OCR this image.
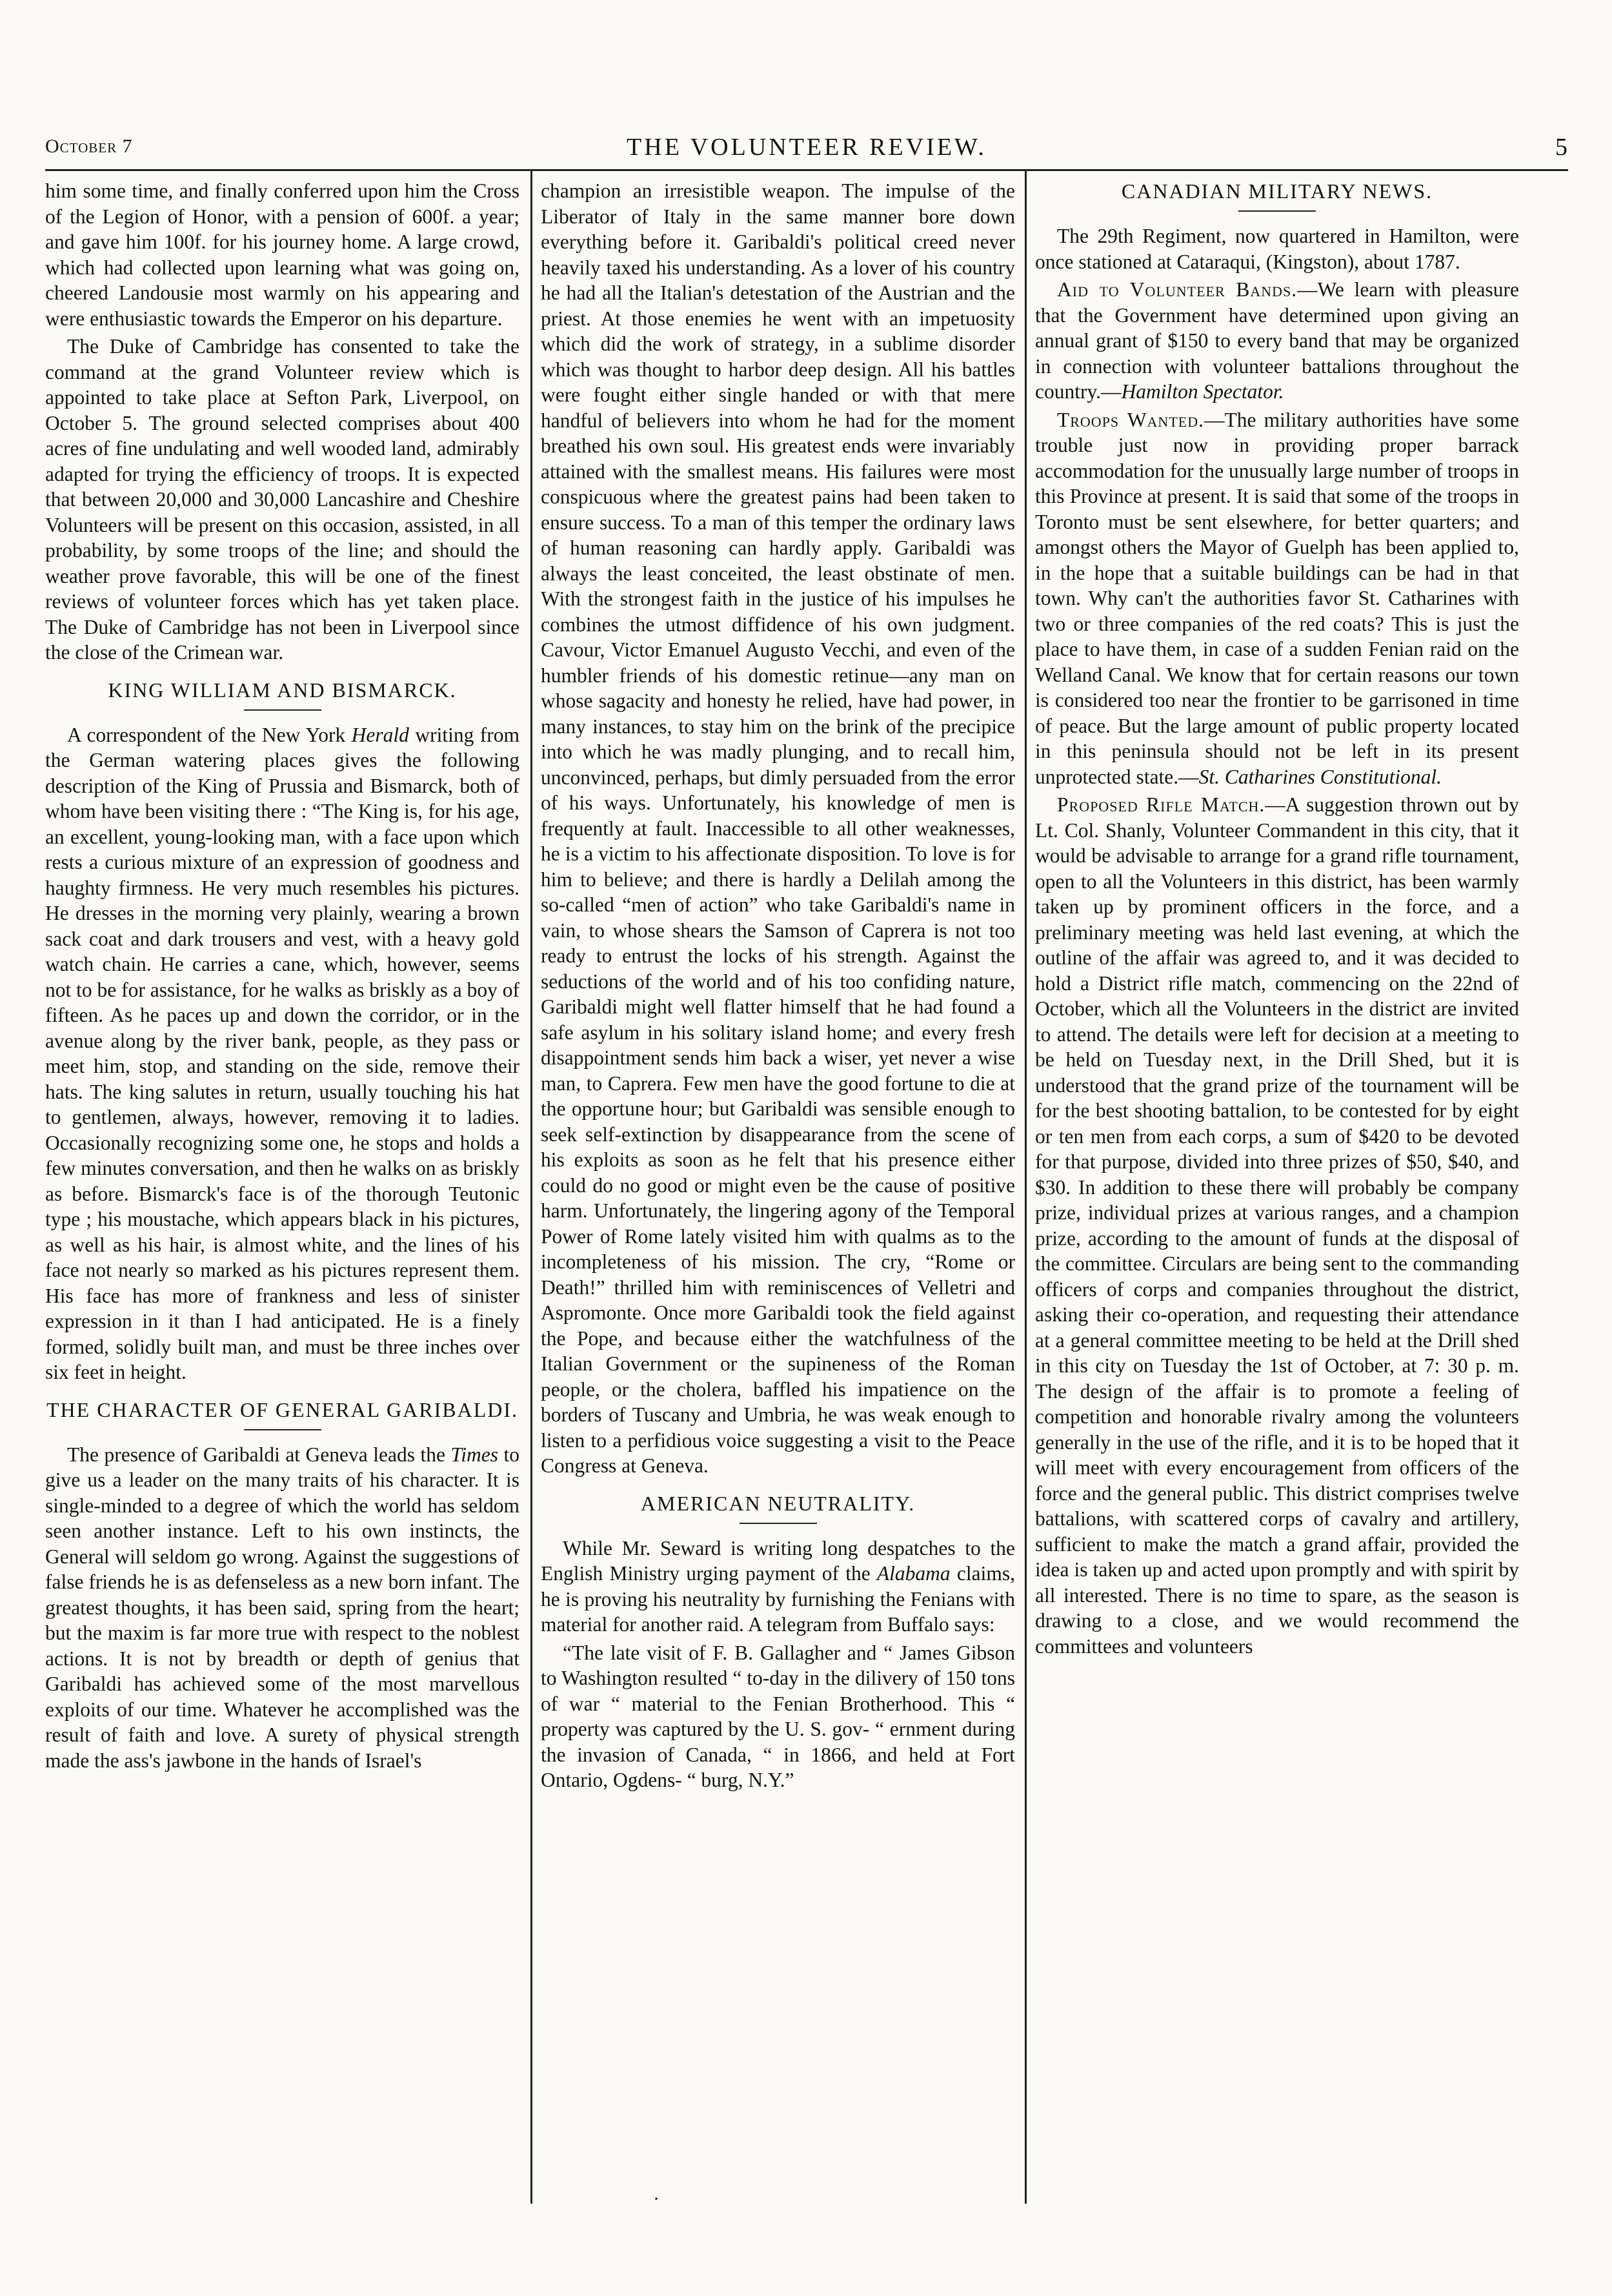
October 7	THE VOLUNTEER REVIEW.	5

him some time, and finally conferred upon him the Cross of the Legion of Honor, with a pension of 600f. a year; and gave him 100f. for his journey home. A large crowd, which had collected upon learning what was going on, cheered Landousie most warmly on his appearing and were enthusiastic towards the Emperor on his departure.

The Duke of Cambridge has consented to take the command at the grand Volunteer review which is appointed to take place at Sefton Park, Liverpool, on October 5. The ground selected comprises about 400 acres of fine undulating and well wooded land, admirably adapted for trying the efficiency of troops. It is expected that between 20,000 and 30,000 Lancashire and Cheshire Volunteers will be present on this occasion, assisted, in all probability, by some troops of the line; and should the weather prove favorable, this will be one of the finest reviews of volunteer forces which has yet taken place. The Duke of Cambridge has not been in Liverpool since the close of the Crimean war.

KING WILLIAM AND BISMARCK.

A correspondent of the New York Herald writing from the German watering places gives the following description of the King of Prussia and Bismarck, both of whom have been visiting there : “The King is, for his age, an excellent, young-looking man, with a face upon which rests a curious mixture of an expression of goodness and haughty firmness. He very much resembles his pictures. He dresses in the morning very plainly, wearing a brown sack coat and dark trousers and vest, with a heavy gold watch chain. He carries a cane, which, however, seems not to be for assistance, for he walks as briskly as a boy of fifteen. As he paces up and down the corridor, or in the avenue along by the river bank, people, as they pass or meet him, stop, and standing on the side, remove their hats. The king salutes in return, usually touching his hat to gentlemen, always, however, removing it to ladies. Occasionally recognizing some one, he stops and holds a few minutes conversation, and then he walks on as briskly as before. Bismarck's face is of the thorough Teutonic type ; his moustache, which appears black in his pictures, as well as his hair, is almost white, and the lines of his face not nearly so marked as his pictures represent them. His face has more of frankness and less of sinister expression in it than I had anticipated. He is a finely formed, solidly built man, and must be three inches over six feet in height.

THE CHARACTER OF GENERAL GARIBALDI.

The presence of Garibaldi at Geneva leads the Times to give us a leader on the many traits of his character. It is single-minded to a degree of which the world has seldom seen another instance. Left to his own instincts, the General will seldom go wrong. Against the suggestions of false friends he is as defenseless as a new born infant. The greatest thoughts, it has been said, spring from the heart; but the maxim is far more true with respect to the noblest actions. It is not by breadth or depth of genius that Garibaldi has achieved some of the most marvellous exploits of our time. Whatever he accomplished was the result of faith and love. A surety of physical strength made the ass's jawbone in the hands of Israel's

champion an irresistible weapon. The impulse of the Liberator of Italy in the same manner bore down everything before it. Garibaldi's political creed never heavily taxed his understanding. As a lover of his country he had all the Italian's detestation of the Austrian and the priest. At those enemies he went with an impetuosity which did the work of strategy, in a sublime disorder which was thought to harbor deep design. All his battles were fought either single handed or with that mere handful of believers into whom he had for the moment breathed his own soul. His greatest ends were invariably attained with the smallest means. His failures were most conspicuous where the greatest pains had been taken to ensure success. To a man of this temper the ordinary laws of human reasoning can hardly apply. Garibaldi was always the least conceited, the least obstinate of men. With the strongest faith in the justice of his impulses he combines the utmost diffidence of his own judgment. Cavour, Victor Emanuel Augusto Vecchi, and even of the humbler friends of his domestic retinue—any man on whose sagacity and honesty he relied, have had power, in many instances, to stay him on the brink of the precipice into which he was madly plunging, and to recall him, unconvinced, perhaps, but dimly persuaded from the error of his ways. Unfortunately, his knowledge of men is frequently at fault. Inaccessible to all other weaknesses, he is a victim to his affectionate disposition. To love is for him to believe; and there is hardly a Delilah among the so-called “men of action” who take Garibaldi's name in vain, to whose shears the Samson of Caprera is not too ready to entrust the locks of his strength. Against the seductions of the world and of his too confiding nature, Garibaldi might well flatter himself that he had found a safe asylum in his solitary island home; and every fresh disappointment sends him back a wiser, yet never a wise man, to Caprera. Few men have the good fortune to die at the opportune hour; but Garibaldi was sensible enough to seek self-extinction by disappearance from the scene of his exploits as soon as he felt that his presence either could do no good or might even be the cause of positive harm. Unfortunately, the lingering agony of the Temporal Power of Rome lately visited him with qualms as to the incompleteness of his mission. The cry, “Rome or Death!” thrilled him with reminiscences of Velletri and Aspromonte. Once more Garibaldi took the field against the Pope, and because either the watchfulness of the Italian Government or the supineness of the Roman people, or the cholera, baffled his impatience on the borders of Tuscany and Umbria, he was weak enough to listen to a perfidious voice suggesting a visit to the Peace Congress at Geneva.

AMERICAN NEUTRALITY.

While Mr. Seward is writing long despatches to the English Ministry urging payment of the Alabama claims, he is proving his neutrality by furnishing the Fenians with material for another raid. A telegram from Buffalo says:

“The late visit of F. B. Gallagher and “ James Gibson to Washington resulted “ to-day in the dilivery of 150 tons of war “ material to the Fenian Brotherhood. This “ property was captured by the U. S. gov- “ ernment during the invasion of Canada, “ in 1866, and held at Fort Ontario, Ogdens- “ burg, N.Y.”

CANADIAN MILITARY NEWS.

The 29th Regiment, now quartered in Hamilton, were once stationed at Cataraqui, (Kingston), about 1787.

Aid to Volunteer Bands.—We learn with pleasure that the Government have determined upon giving an annual grant of $150 to every band that may be organized in connection with volunteer battalions throughout the country.—Hamilton Spectator.

Troops Wanted.—The military authorities have some trouble just now in providing proper barrack accommodation for the unusually large number of troops in this Province at present. It is said that some of the troops in Toronto must be sent elsewhere, for better quarters; and amongst others the Mayor of Guelph has been applied to, in the hope that a suitable buildings can be had in that town. Why can't the authorities favor St. Catharines with two or three companies of the red coats? This is just the place to have them, in case of a sudden Fenian raid on the Welland Canal. We know that for certain reasons our town is considered too near the frontier to be garrisoned in time of peace. But the large amount of public property located in this peninsula should not be left in its present unprotected state.—St. Catharines Constitutional.

Proposed Rifle Match.—A suggestion thrown out by Lt. Col. Shanly, Volunteer Commandent in this city, that it would be advisable to arrange for a grand rifle tournament, open to all the Volunteers in this district, has been warmly taken up by prominent officers in the force, and a preliminary meeting was held last evening, at which the outline of the affair was agreed to, and it was decided to hold a District rifle match, commencing on the 22nd of October, which all the Volunteers in the district are invited to attend. The details were left for decision at a meeting to be held on Tuesday next, in the Drill Shed, but it is understood that the grand prize of the tournament will be for the best shooting battalion, to be contested for by eight or ten men from each corps, a sum of $420 to be devoted for that purpose, divided into three prizes of $50, $40, and $30. In addition to these there will probably be company prize, individual prizes at various ranges, and a champion prize, according to the amount of funds at the disposal of the committee. Circulars are being sent to the commanding officers of corps and companies throughout the district, asking their co-operation, and requesting their attendance at a general committee meeting to be held at the Drill shed in this city on Tuesday the 1st of October, at 7: 30 p. m. The design of the affair is to promote a feeling of competition and honorable rivalry among the volunteers generally in the use of the rifle, and it is to be hoped that it will meet with every encouragement from officers of the force and the general public. This district comprises twelve battalions, with scattered corps of cavalry and artillery, sufficient to make the match a grand affair, provided the idea is taken up and acted upon promptly and with spirit by all interested. There is no time to spare, as the season is drawing to a close, and we would recommend the committees and volunteers

·
